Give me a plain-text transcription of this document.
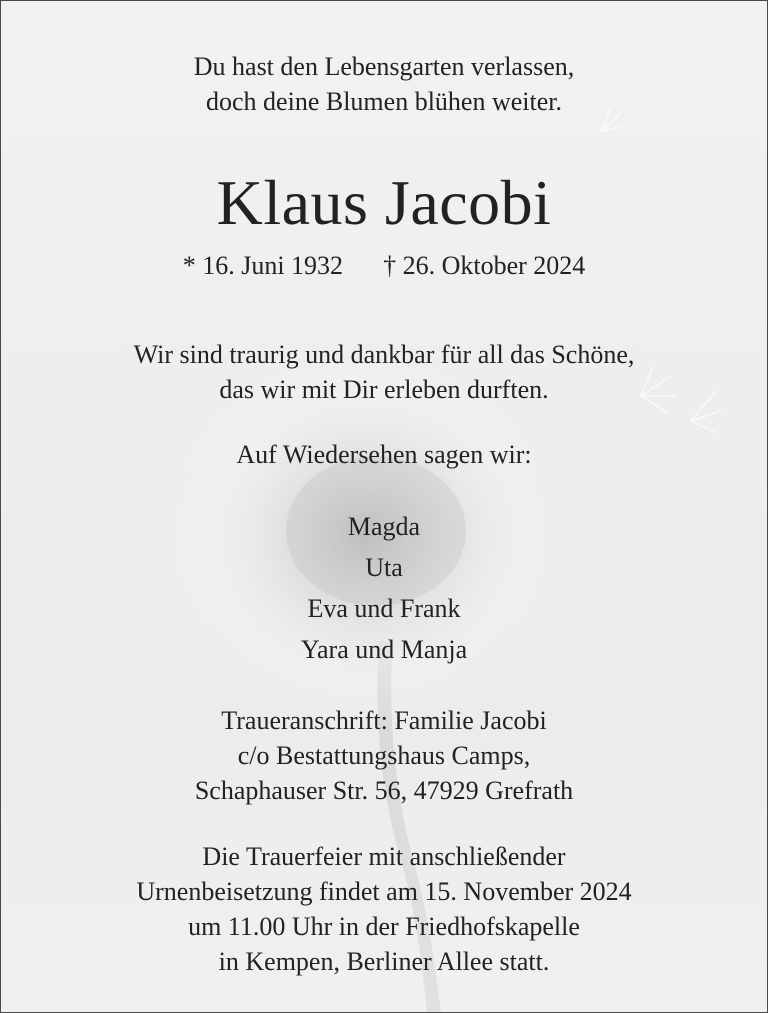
Du hast den Lebensgarten verlassen,
doch deine Blumen blühen weiter.
Klaus Jacobi
* 16. Juni 1932 † 26. Oktober 2024
Wir sind traurig und dankbar für all das Schöne,
das wir mit Dir erleben durften.
Auf Wiedersehen sagen wir:
Magda
Uta
Eva und Frank
Yara und Manja
Traueranschrift: Familie Jacobi
c/o Bestattungshaus Camps,
Schaphauser Str. 56, 47929 Grefrath
Die Trauerfeier mit anschließender
Urnenbeisetzung findet am 15. November 2024
um 11.00 Uhr in der Friedhofskapelle
in Kempen, Berliner Allee statt.
